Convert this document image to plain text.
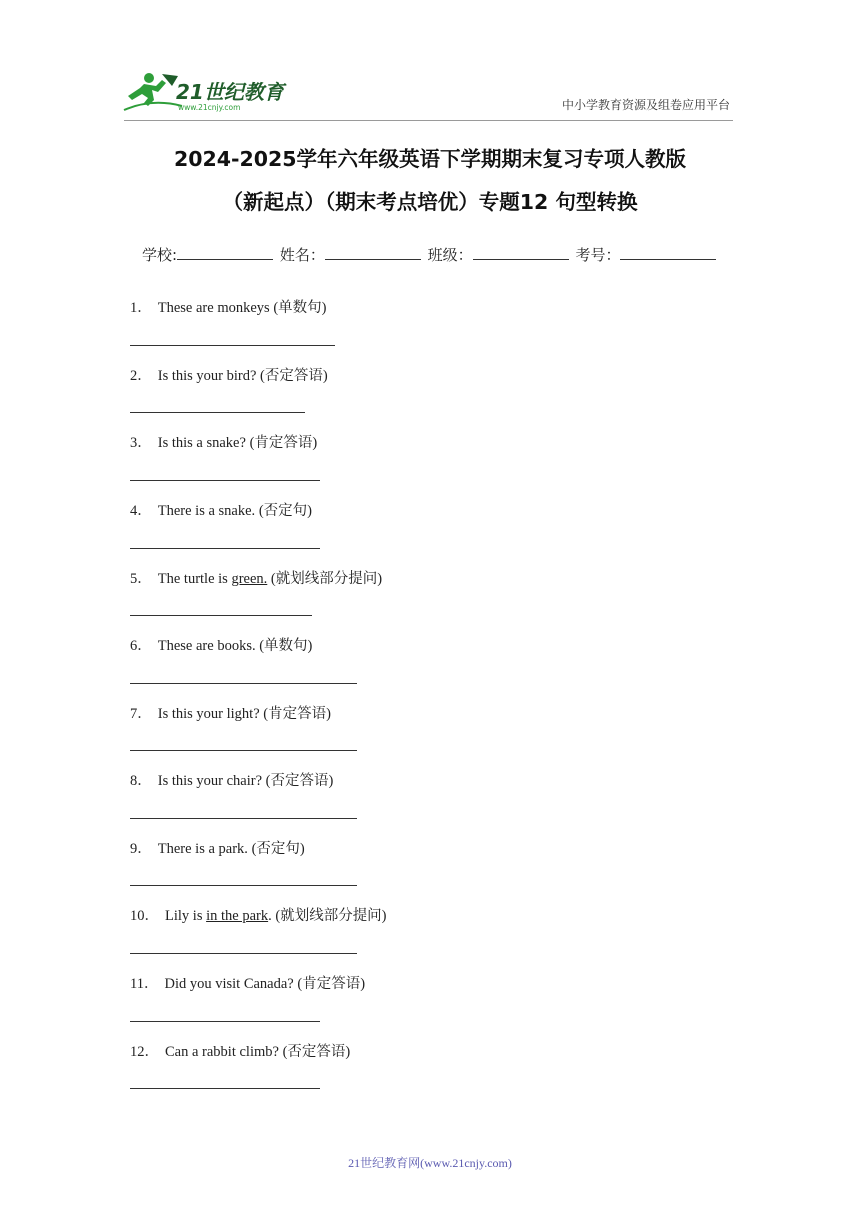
21世纪教育
www.21cnjy.com	中小学教育资源及组卷应用平台
2024-2025学年六年级英语下学期期末复习专项人教版
（新起点）（期末考点培优）专题12 句型转换
学校:	姓名：	班级：	考号：
1． These are monkeys (单数句)
2． Is this your bird? (否定答语)
3． Is this a snake? (肯定答语)
4． There is a snake. (否定句)
5． The turtle is green. (就划线部分提问)
6． These are books. (单数句)
7． Is this your light? (肯定答语)
8． Is this your chair? (否定答语)
9． There is a park. (否定句)
10． Lily is in the park. (就划线部分提问)
11． Did you visit Canada? (肯定答语)
12． Can a rabbit climb? (否定答语)
21世纪教育网(www.21cnjy.com)
